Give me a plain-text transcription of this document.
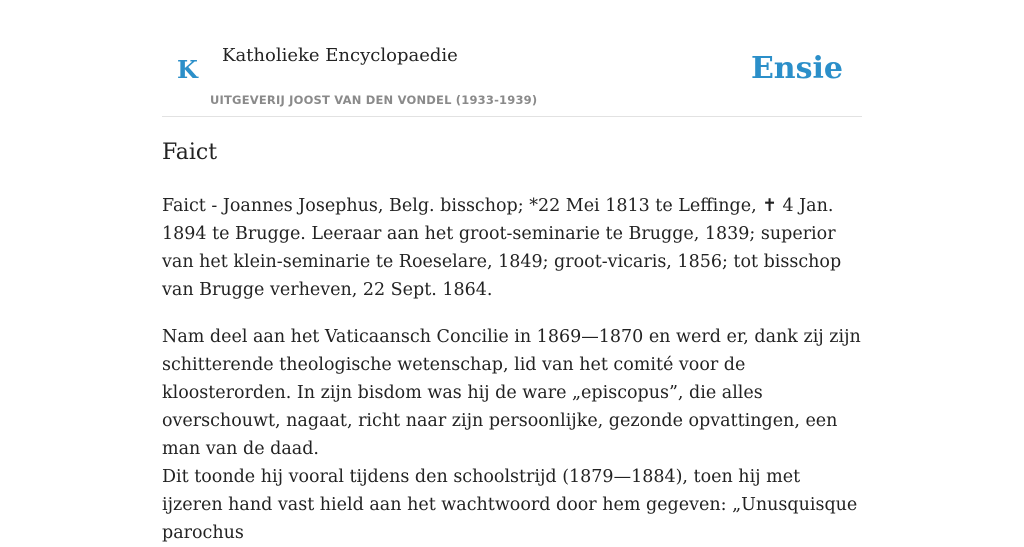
K Katholieke Encyclopaedie
UITGEVERIJ JOOST VAN DEN VONDEL (1933-1939)
Ensie
Faict

Faict - Joannes Josephus, Belg. bisschop; *22 Mei 1813 te Leffinge, ✝ 4 Jan. 1894 te Brugge. Leeraar aan het groot-seminarie te Brugge, 1839; superior van het klein-seminarie te Roeselare, 1849; groot-vicaris, 1856; tot bisschop van Brugge verheven, 22 Sept. 1864.

Nam deel aan het Vaticaansch Concilie in 1869—1870 en werd er, dank zij zijn schitterende theologische wetenschap, lid van het comité voor de kloosterorden. In zijn bisdom was hij de ware „episcopus”, die alles overschouwt, nagaat, richt naar zijn persoonlijke, gezonde opvattingen, een man van de daad.

Dit toonde hij vooral tijdens den schoolstrijd (1879—1884), toen hij met ijzeren hand vast hield aan het wachtwoord door hem gegeven: „Unusquisque parochus
